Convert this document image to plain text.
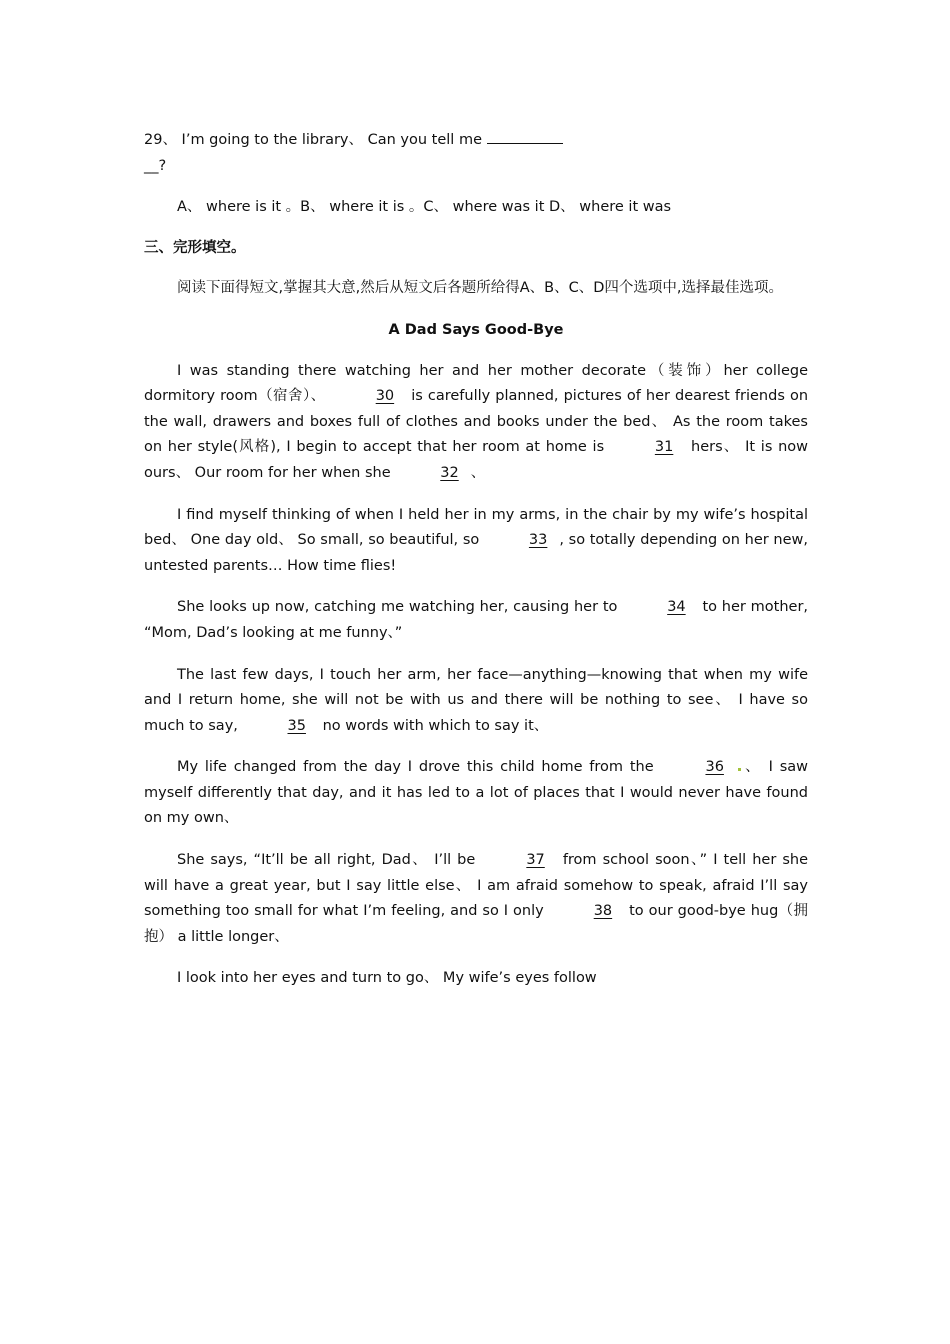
29、 I’m going to the library、 Can you tell me
__?

A、 where is it 。B、 where it is 。C、 where was it D、 where it was

三、完形填空。

阅读下面得短文,掌握其大意,然后从短文后各题所给得A、B、C、D四个选项中,选择最佳选项。

A Dad Says Good-Bye

I was standing there watching her and her mother decorate（装饰）her college dormitory room（宿舍）、	30 is carefully planned, pictures of her dearest friends on the wall, drawers and boxes full of clothes and books under the bed、 As the room takes on her style(风格), I begin to accept that her room at home is	31 hers、 It is now ours、 Our room for her when she	32 、

I find myself thinking of when I held her in my arms, in the chair by my wife’s hospital bed、 One day old、 So small, so beautiful, so	33 , so totally depending on her new, untested parents… How time flies!

She looks up now, catching me watching her, causing her to	34 to her mother, “Mom, Dad’s looking at me funny、”

The last few days, I touch her arm, her face—anything—knowing that when my wife and I return home, she will not be with us and there will be nothing to see、 I have so much to say,	35 no words with which to say it、

My life changed from the day I drove this child home from the	36 、 I saw myself differently that day, and it has led to a lot of places that I would never have found on my own、

She says, “It’ll be all right, Dad、 I’ll be	37 from school soon、” I tell her she will have a great year, but I say little else、 I am afraid somehow to speak, afraid I’ll say something too small for what I’m feeling, and so I only	38 to our good-bye hug（拥抱） a little longer、

I look into her eyes and turn to go、 My wife’s eyes follow
